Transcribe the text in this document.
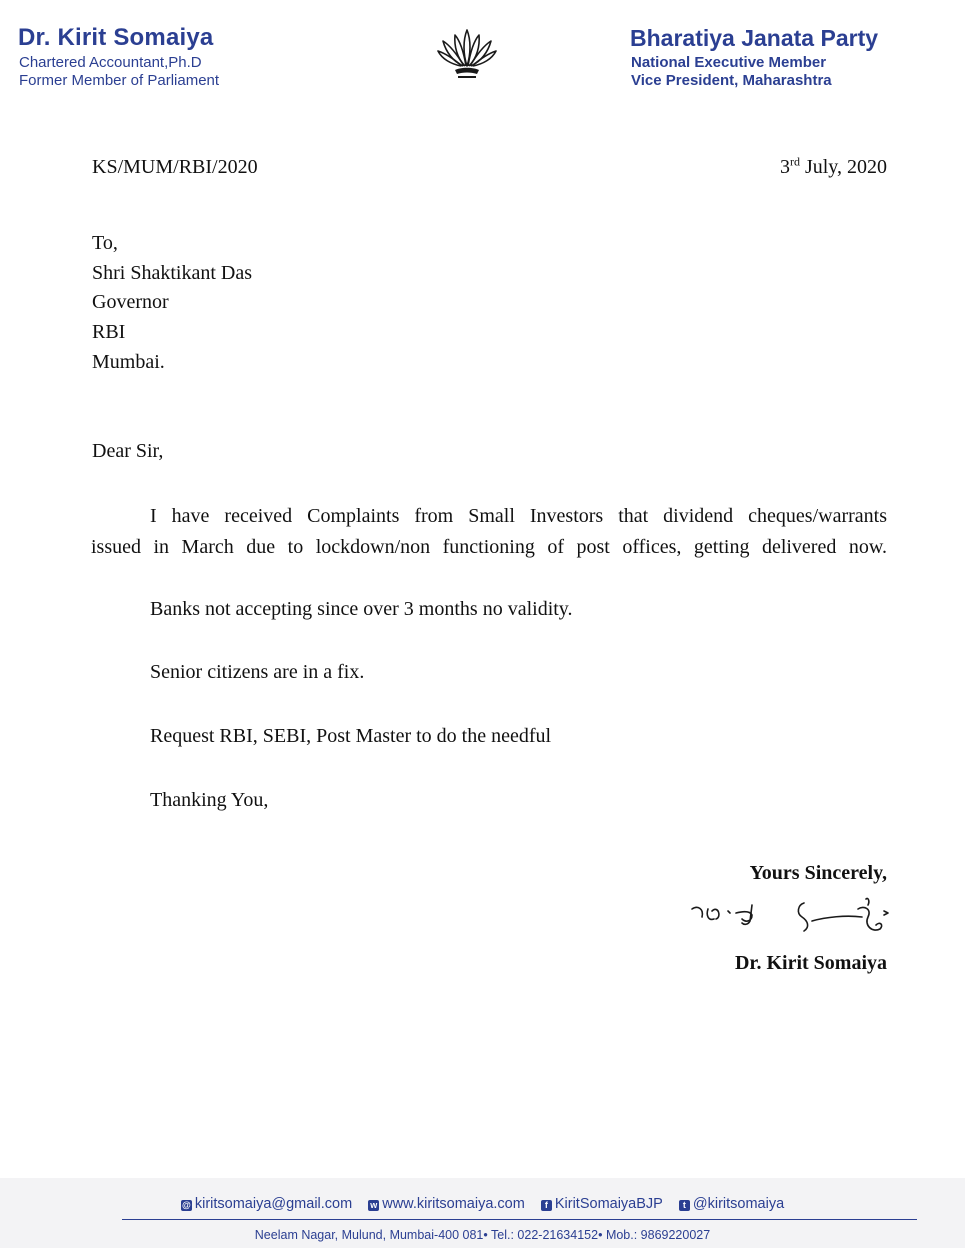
Dr. Kirit Somaiya
Chartered Accountant,Ph.D
Former Member of Parliament
Bharatiya Janata Party
National Executive Member
Vice President, Maharashtra
KS/MUM/RBI/2020	3rd July, 2020
To,
Shri Shaktikant Das
Governor
RBI
Mumbai.
Dear Sir,
I have received Complaints from Small Investors that dividend cheques/warrants
issued in March due to lockdown/non functioning of post offices, getting delivered now.
Banks not accepting since over 3 months no validity.
Senior citizens are in a fix.
Request RBI, SEBI, Post Master to do the needful
Thanking You,
Yours Sincerely,
Dr. Kirit Somaiya
@ kiritsomaiya@gmail.com w www.kiritsomaiya.com f KiritSomaiyaBJP t @kiritsomaiya
Neelam Nagar, Mulund, Mumbai-400 081• Tel.: 022-21634152• Mob.: 9869220027
